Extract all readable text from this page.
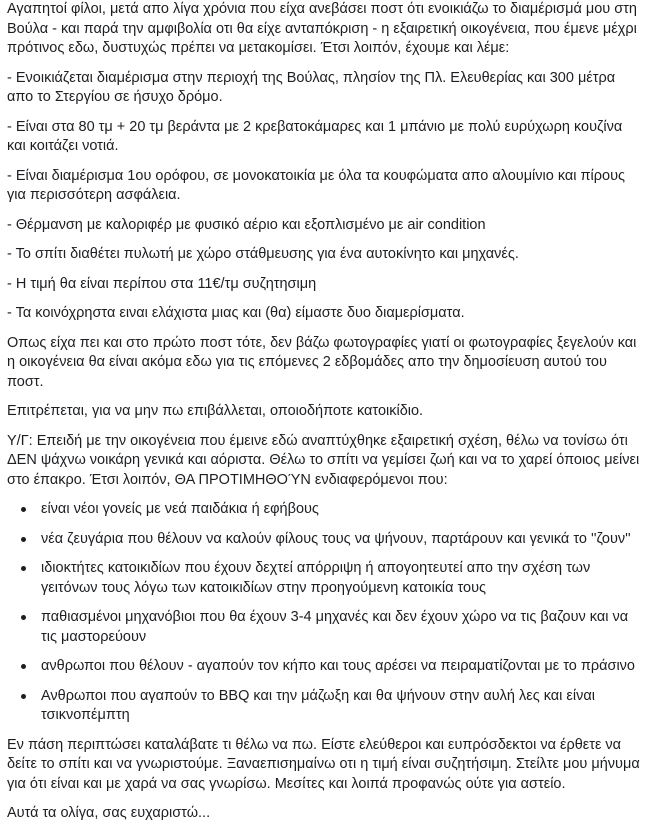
Αγαπητοί φίλοι, μετά απο λίγα χρόνια που είχα ανεβάσει ποστ ότι ενοικιάζω το διαμέρισμά μου στη Βούλα - και παρά την αμφιβολία οτι θα είχε ανταπόκριση - η εξαιρετική οικογένεια, που έμενε μέχρι πρότινος εδω, δυστυχώς πρέπει να μετακομίσει. Έτσι λοιπόν, έχουμε και λέμε:

- Ενοικιάζεται διαμέρισμα στην περιοχή της Βούλας, πλησίον της Πλ. Ελευθερίας και 300 μέτρα απο το Στεργίου σε ήσυχο δρόμο.

- Είναι στα 80 τμ + 20 τμ βεράντα με 2 κρεβατοκάμαρες και 1 μπάνιο με πολύ ευρύχωρη κουζίνα και κοιτάζει νοτιά.

- Είναι διαμέρισμα 1ου ορόφου, σε μονοκατοικία με όλα τα κουφώματα απο αλουμίνιο και πίρους για περισσότερη ασφάλεια.

- Θέρμανση με καλοριφέρ με φυσικό αέριο και εξοπλισμένο με air condition

- Το σπίτι διαθέτει πυλωτή με χώρο στάθμευσης για ένα αυτοκίνητο και μηχανές.

- Η τιμή θα είναι περίπου στα 11€/τμ συζητησιμη

- Τα κοινόχρηστα ειναι ελάχιστα μιας και (θα) είμαστε δυο διαμερίσματα.

Οπως είχα πει και στο πρώτο ποστ τότε, δεν βάζω φωτογραφίες γιατί οι φωτογραφίες ξεγελούν και η οικογένεια θα είναι ακόμα εδω για τις επόμενες 2 εδβομάδες απο την δημοσίευση αυτού του ποστ.

Επιτρέπεται, για να μην πω επιβάλλεται, οποιοδήποτε κατοικίδιο.

Υ/Γ: Επειδή με την οικογένεια που έμεινε εδώ αναπτύχθηκε εξαιρετική σχέση, θέλω να τονίσω ότι ΔΕΝ ψάχνω νοικάρη γενικά και αόριστα. Θέλω το σπίτι να γεμίσει ζωή και να το χαρεί όποιος μείνει στο έπακρο. Έτσι λοιπόν, ΘΑ ΠΡΟΤΙΜΗΘΟΎΝ ενδιαφερόμενοι που:

είναι νέοι γονείς με νεά παιδάκια ή εφήβους
νέα ζευγάρια που θέλουν να καλούν φίλους τους να ψήνουν, παρτάρουν και γενικά το ''ζουν''
ιδιοκτήτες κατοικιδίων που έχουν δεχτεί απόρριψη ή απογοητευτεί απο την σχέση των γειτόνων τους λόγω των κατοικιδίων στην προηγούμενη κατοικία τους
παθιασμένοι μηχανόβιοι που θα έχουν 3-4 μηχανές και δεν έχουν χώρο να τις βαζουν και να τις μαστορεύουν
ανθρωποι που θέλουν - αγαπούν τον κήπο και τους αρέσει να πειραματίζονται με το πράσινο
Ανθρωποι που αγαπούν το BBQ και την μάζωξη και θα ψήνουν στην αυλή λες και είναι τσικνοπέμπτη

Εν πάση περιπτώσει καταλάβατε τι θέλω να πω. Είστε ελεύθεροι και ευπρόσδεκτοι να έρθετε να δείτε το σπίτι και να γνωριστούμε. Ξαναεπισημαίνω οτι η τιμή είναι συζητήσιμη. Στείλτε μου μήνυμα για ότι είναι και με χαρά να σας γνωρίσω. Μεσίτες και λοιπά προφανώς ούτε για αστείο.

Αυτά τα ολίγα, σας ευχαριστώ...
